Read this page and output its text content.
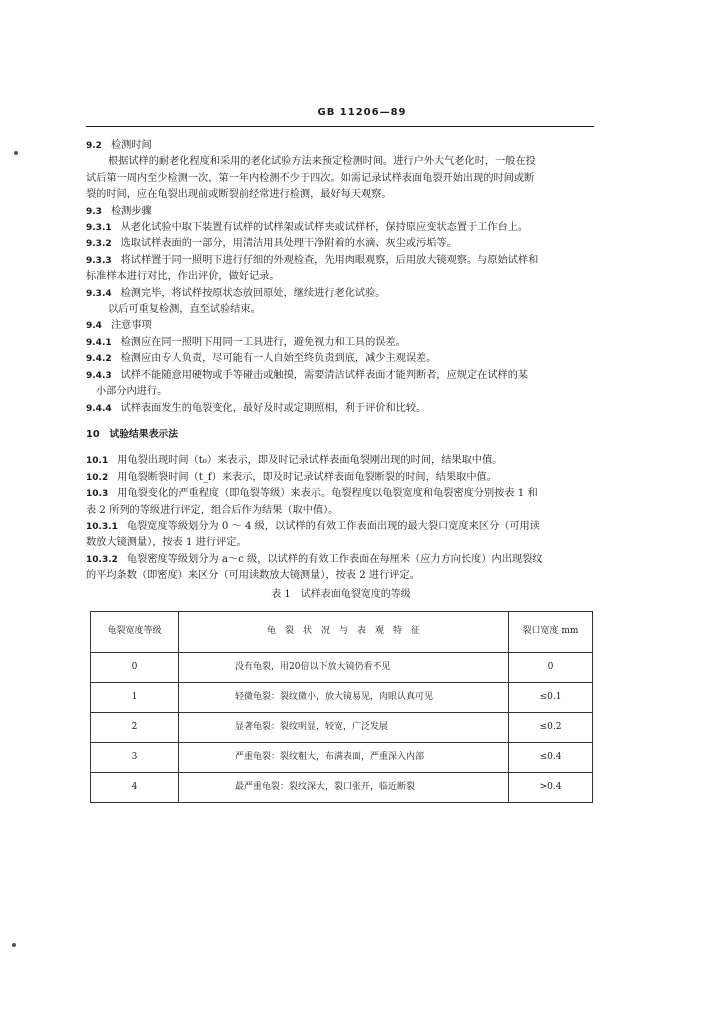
GB 11206—89
9.2 检测时间
根据试样的耐老化程度和采用的老化试验方法来预定检测时间。进行户外大气老化时，一般在投
试后第一周内至少检测一次，第一年内检测不少于四次。如需记录试样表面龟裂开始出现的时间或断
裂的时间，应在龟裂出现前或断裂前经常进行检测，最好每天观察。
9.3 检测步骤
9.3.1 从老化试验中取下装置有试样的试样架或试样夹或试样杯，保持原应变状态置于工作台上。
9.3.2 选取试样表面的一部分，用清洁用具处理干净附着的水滴、灰尘或污垢等。
9.3.3 将试样置于同一照明下进行仔细的外观检查，先用肉眼观察，后用放大镜观察。与原始试样和
标准样本进行对比，作出评价，做好记录。
9.3.4 检测完毕，将试样按原状态放回原处，继续进行老化试验。
以后可重复检测，直至试验结束。
9.4 注意事项
9.4.1 检测应在同一照明下用同一工具进行，避免视力和工具的误差。
9.4.2 检测应由专人负责，尽可能有一人自始至终负责到底，减少主观误差。
9.4.3 试样不能随意用硬物或手等碰击或触摸，需要清洁试样表面才能判断者，应规定在试样的某
小部分内进行。
9.4.4 试样表面发生的龟裂变化，最好及时或定期照相，利于评价和比较。
10　试验结果表示法
10.1 用龟裂出现时间（t₀）来表示，即及时记录试样表面龟裂刚出现的时间，结果取中值。
10.2 用龟裂断裂时间（t_f）来表示，即及时记录试样表面龟裂断裂的时间，结果取中值。
10.3 用龟裂变化的严重程度（即龟裂等级）来表示。龟裂程度以龟裂宽度和龟裂密度分别按表 1 和
表 2 所列的等级进行评定，组合后作为结果（取中值）。
10.3.1 龟裂宽度等级划分为 0 ～ 4 级，以试样的有效工作表面出现的最大裂口宽度来区分（可用读
数放大镜测量），按表 1 进行评定。
10.3.2 龟裂密度等级划分为 a～c 级，以试样的有效工作表面在每厘米（应力方向长度）内出现裂纹
的平均条数（即密度）来区分（可用读数放大镜测量），按表 2 进行评定。
表 1　试样表面龟裂宽度的等级
龟裂宽度等级	龟　裂　状　况　与　表　观　特　征	裂口宽度 mm
0	没有龟裂，用20倍以下放大镜仍看不见	0
1	轻微龟裂：裂纹微小，放大镜易见，肉眼认真可见	≤0.1
2	显著龟裂：裂纹明显，较宽，广泛发展	≤0.2
3	严重龟裂：裂纹粗大，布满表面，严重深入内部	≤0.4
4	最严重龟裂：裂纹深大，裂口张开，临近断裂	>0.4
